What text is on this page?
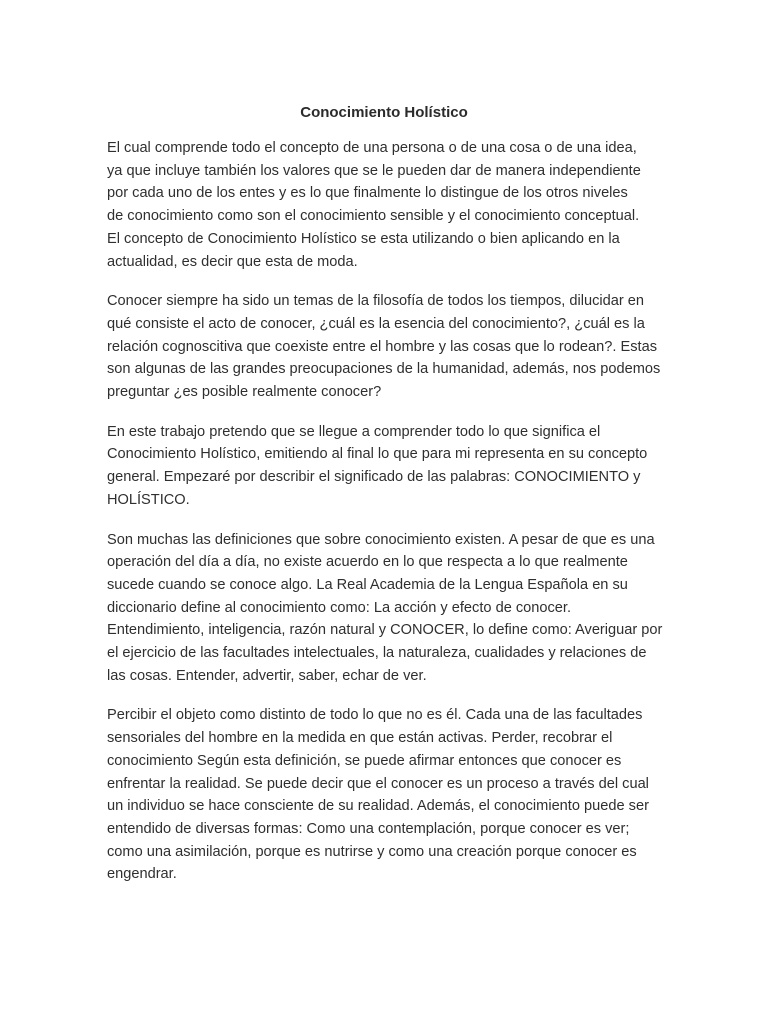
Conocimiento Holístico
El cual comprende todo el concepto de una persona o de una cosa o de una idea,
ya que incluye también los valores que se le pueden dar de manera independiente
por cada uno de los entes y es lo que finalmente lo distingue de los otros niveles
de conocimiento como son el conocimiento sensible y el conocimiento conceptual.
El concepto de Conocimiento Holístico se esta utilizando o bien aplicando en la
actualidad, es decir que esta de moda.
Conocer siempre ha sido un temas de la filosofía de todos los tiempos, dilucidar en
qué consiste el acto de conocer, ¿cuál es la esencia del conocimiento?, ¿cuál es la
relación cognoscitiva que coexiste entre el hombre y las cosas que lo rodean?. Estas
son algunas de las grandes preocupaciones de la humanidad, además, nos podemos
preguntar ¿es posible realmente conocer?
En este trabajo pretendo que se llegue a comprender todo lo que significa el
Conocimiento Holístico, emitiendo al final lo que para mi representa en su concepto
general. Empezaré por describir el significado de las palabras: CONOCIMIENTO y
HOLÍSTICO.
Son muchas las definiciones que sobre conocimiento existen. A pesar de que es una
operación del día a día, no existe acuerdo en lo que respecta a lo que realmente
sucede cuando se conoce algo. La Real Academia de la Lengua Española en su
diccionario define al conocimiento como: La acción y efecto de conocer.
Entendimiento, inteligencia, razón natural y CONOCER, lo define como: Averiguar por
el ejercicio de las facultades intelectuales, la naturaleza, cualidades y relaciones de
las cosas. Entender, advertir, saber, echar de ver.
Percibir el objeto como distinto de todo lo que no es él. Cada una de las facultades
sensoriales del hombre en la medida en que están activas. Perder, recobrar el
conocimiento Según esta definición, se puede afirmar entonces que conocer es
enfrentar la realidad. Se puede decir que el conocer es un proceso a través del cual
un individuo se hace consciente de su realidad. Además, el conocimiento puede ser
entendido de diversas formas: Como una contemplación, porque conocer es ver;
como una asimilación, porque es nutrirse y como una creación porque conocer es
engendrar.
